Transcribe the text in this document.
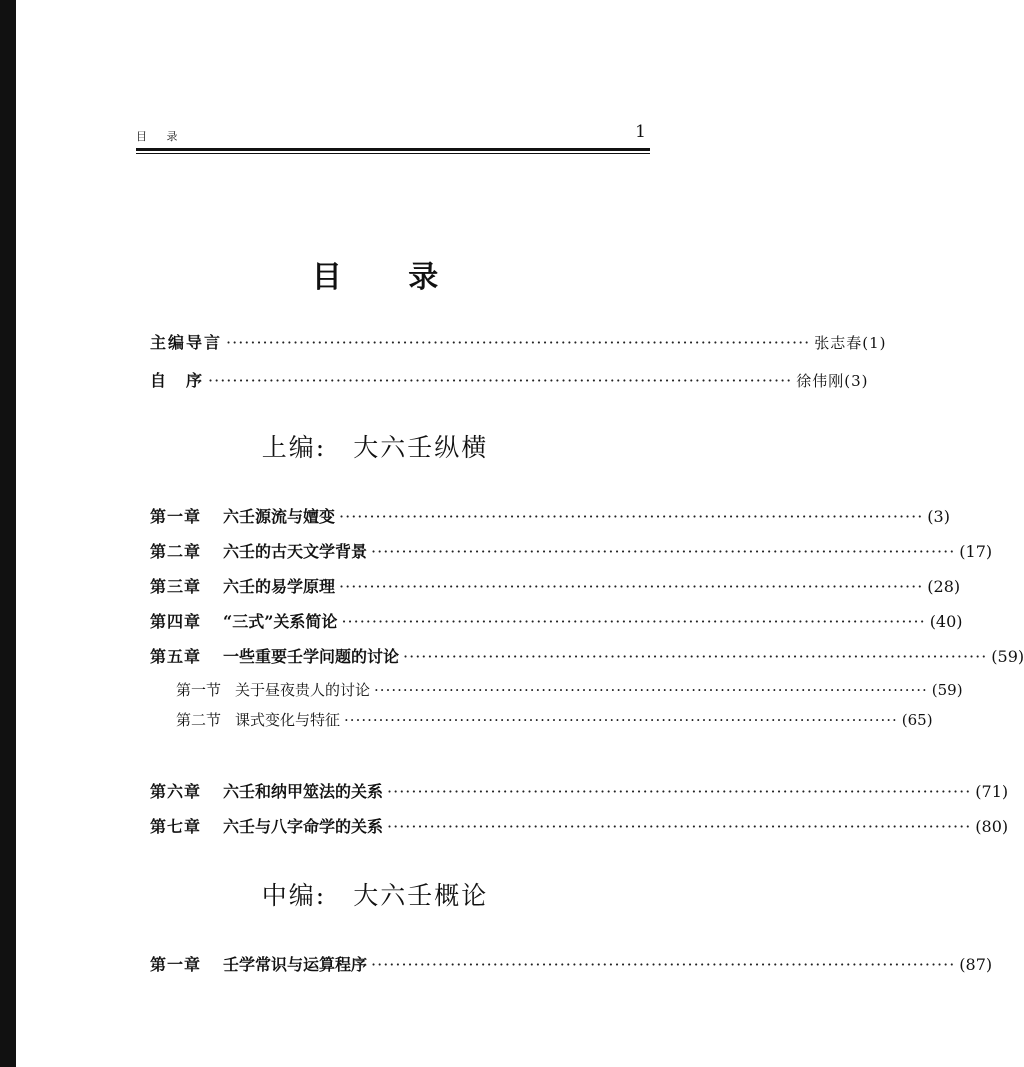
目 录	1
目 录
主编导言 ································································································ 张志春(1)
自　序 ································································································ 徐伟刚(3)
上编:　大六壬纵横
第一章 六壬源流与嬗变 ································································································ (3)
第二章 六壬的古天文学背景 ································································································ (17)
第三章 六壬的易学原理 ································································································ (28)
第四章 “三式”关系简论 ································································································ (40)
第五章 一些重要壬学问题的讨论 ································································································ (59)
第一节 关于昼夜贵人的讨论 ································································································ (59)
第二节 课式变化与特征 ································································································ (65)
第六章 六壬和纳甲筮法的关系 ································································································ (71)
第七章 六壬与八字命学的关系 ································································································ (80)
中编:　大六壬概论
第一章 壬学常识与运算程序 ································································································ (87)
